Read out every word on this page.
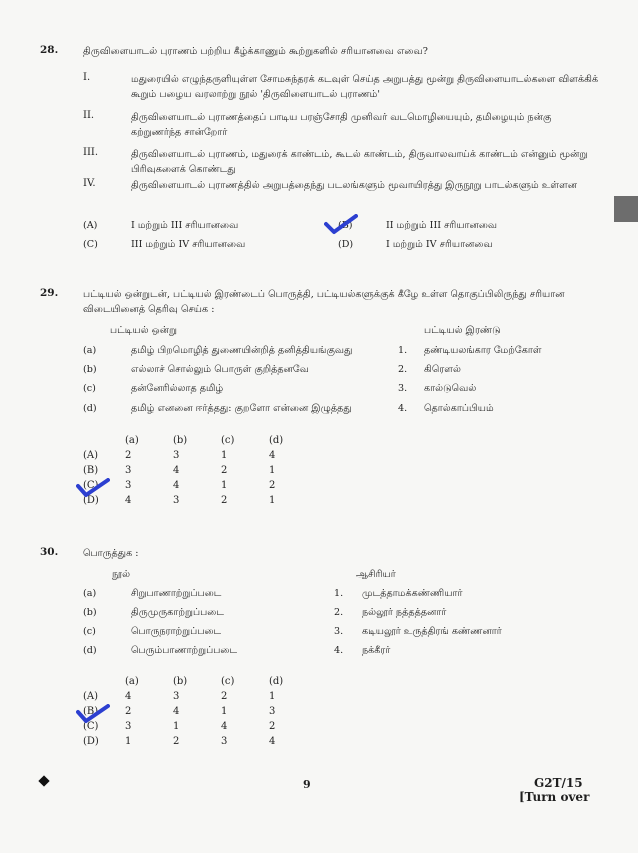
28.	திருவிளையாடல் புராணம் பற்றிய கீழ்க்காணும் கூற்றுகளில் சரியானவை எவை?
I.	மதுரையில் எழுந்தருளியுள்ள சோமசுந்தரக் கடவுள் செய்த அறுபத்து மூன்று திருவிளையாடல்களை விளக்கிக் கூறும் பழைய வரலாற்று நூல் 'திருவிளையாடல் புராணம்'
II.	திருவிளையாடல் புராணத்தைப் பாடிய பரஞ்சோதி முனிவர் வடமொழியையும், தமிழையும் நன்கு கற்றுணர்ந்த சான்றோர்
III.	திருவிளையாடல் புராணம், மதுரைக் காண்டம், கூடல் காண்டம், திருவாலவாய்க் காண்டம் என்னும் மூன்று பிரிவுகளைக் கொண்டது
IV.	திருவிளையாடல் புராணத்தில் அறுபத்தைந்து படலங்களும் மூவாயிரத்து இருநூறு பாடல்களும் உள்ளன
(A)	I மற்றும் III சரியானவை	(B)	II மற்றும் III சரியானவை
(C)	III மற்றும் IV சரியானவை	(D)	I மற்றும் IV சரியானவை
29.	பட்டியல் ஒன்றுடன், பட்டியல் இரண்டைப் பொருத்தி, பட்டியல்களுக்குக் கீழே உள்ள தொகுப்பிலிருந்து சரியான விடையினைத் தெரிவு செய்க :
பட்டியல் ஒன்று	பட்டியல் இரண்டு
(a)	தமிழ் பிறமொழித் துணையின்றித் தனித்தியங்குவது	1. தண்டியலங்கார மேற்கோள்
(b)	எல்லாச் சொல்லும் பொருள் குறித்தனவே	2. கிரௌல்
(c)	தன்னேரில்லாத தமிழ்	3. கால்டுவெல்
(d)	தமிழ் எனனை ஈர்த்தது: குறளோ என்னை இழுத்தது	4. தொல்காப்பியம்
	(a)	(b)	(c)	(d)
(A)	2	3	1	4
(B)	3	4	2	1
(C)	3	4	1	2
(D)	4	3	2	1
30.	பொருத்துக :
நூல்	ஆசிரியர்
(a)	சிறுபாணாற்றுப்படை	1. முடத்தாமக்கண்ணியார்
(b)	திருமுருகாற்றுப்படை	2. நல்லூர் நத்தத்தனார்
(c)	பொருநராற்றுப்படை	3. கடியலூர் உருத்திரங் கண்ணனார்
(d)	பெரும்பாணாற்றுப்படை	4. நக்கீரர்
	(a)	(b)	(c)	(d)
(A)	4	3	2	1
(B)	2	4	1	3
(C)	3	1	4	2
(D)	1	2	3	4
9	G2T/15
[Turn over
